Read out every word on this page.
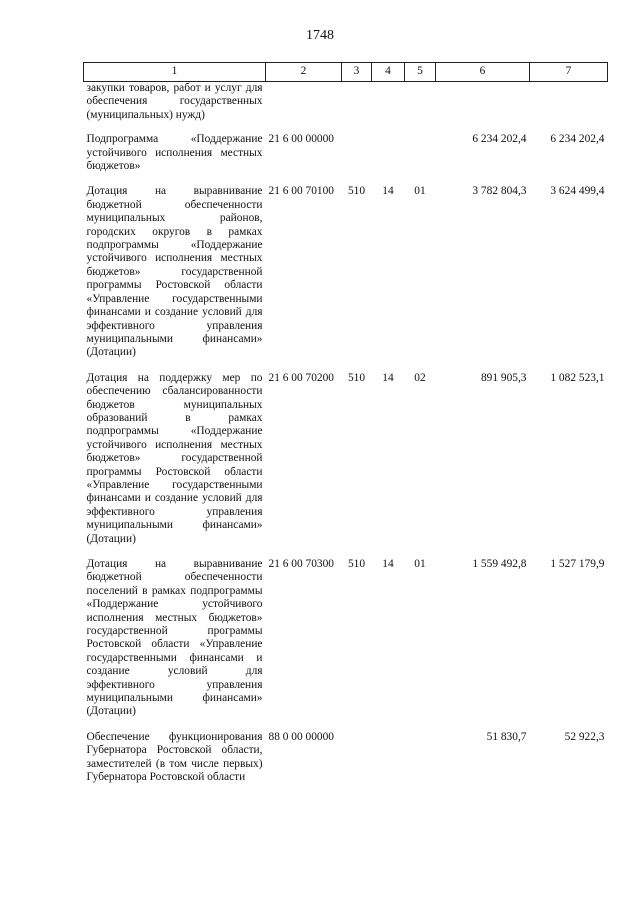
1748
1	2	3	4	5	6	7
закупки товаров, работ и услуг для обеспечения государственных (муниципальных) нужд)						
Подпрограмма «Поддержание устойчивого исполнения местных бюджетов»	21 6 00 00000				6 234 202,4	6 234 202,4
Дотация на выравнивание бюджетной обеспеченности муниципальных районов, городских округов в рамках подпрограммы «Поддержание устойчивого исполнения местных бюджетов» государственной программы Ростовской области «Управление государственными финансами и создание условий для эффективного управления муниципальными финансами» (Дотации)	21 6 00 70100	510	14	01	3 782 804,3	3 624 499,4
Дотация на поддержку мер по обеспечению сбалансированности бюджетов муниципальных образований в рамках подпрограммы «Поддержание устойчивого исполнения местных бюджетов» государственной программы Ростовской области «Управление государственными финансами и создание условий для эффективного управления муниципальными финансами» (Дотации)	21 6 00 70200	510	14	02	891 905,3	1 082 523,1
Дотация на выравнивание бюджетной обеспеченности поселений в рамках подпрограммы «Поддержание устойчивого исполнения местных бюджетов» государственной программы Ростовской области «Управление государственными финансами и создание условий для эффективного управления муниципальными финансами» (Дотации)	21 6 00 70300	510	14	01	1 559 492,8	1 527 179,9
Обеспечение функционирования Губернатора Ростовской области, заместителей (в том числе первых) Губернатора Ростовской области	88 0 00 00000				51 830,7	52 922,3
